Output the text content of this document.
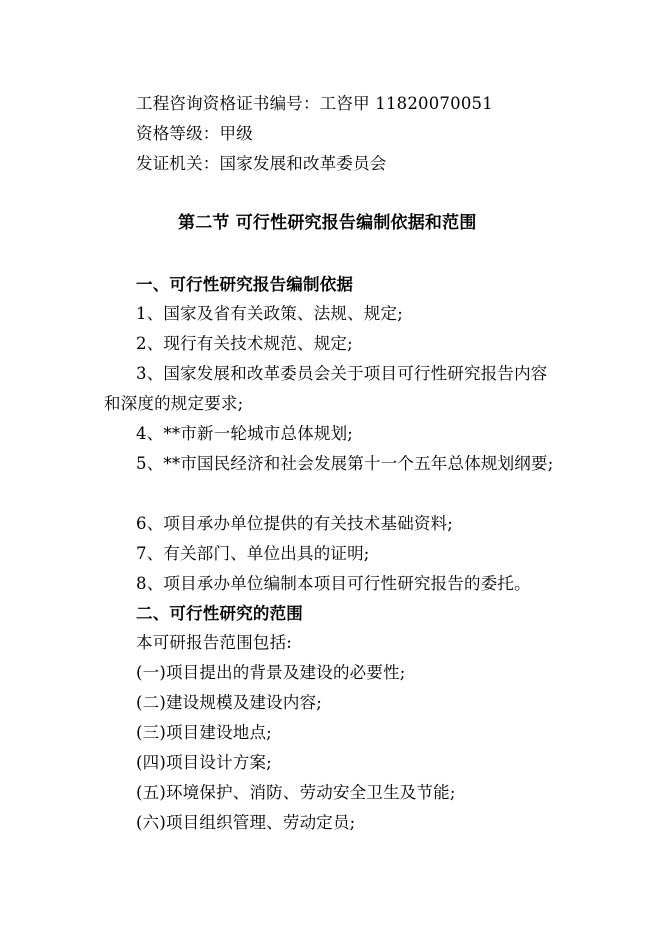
工程咨询资格证书编号：工咨甲 11820070051
资格等级：甲级
发证机关：国家发展和改革委员会
第二节 可行性研究报告编制依据和范围
一、可行性研究报告编制依据
1、国家及省有关政策、法规、规定;
2、现行有关技术规范、规定;
3、国家发展和改革委员会关于项目可行性研究报告内容
和深度的规定要求;
4、**市新一轮城市总体规划;
5、**市国民经济和社会发展第十一个五年总体规划纲要;
6、项目承办单位提供的有关技术基础资料;
7、有关部门、单位出具的证明;
8、项目承办单位编制本项目可行性研究报告的委托。
二、可行性研究的范围
本可研报告范围包括:
(一)项目提出的背景及建设的必要性;
(二)建设规模及建设内容;
(三)项目建设地点;
(四)项目设计方案;
(五)环境保护、消防、劳动安全卫生及节能;
(六)项目组织管理、劳动定员;
